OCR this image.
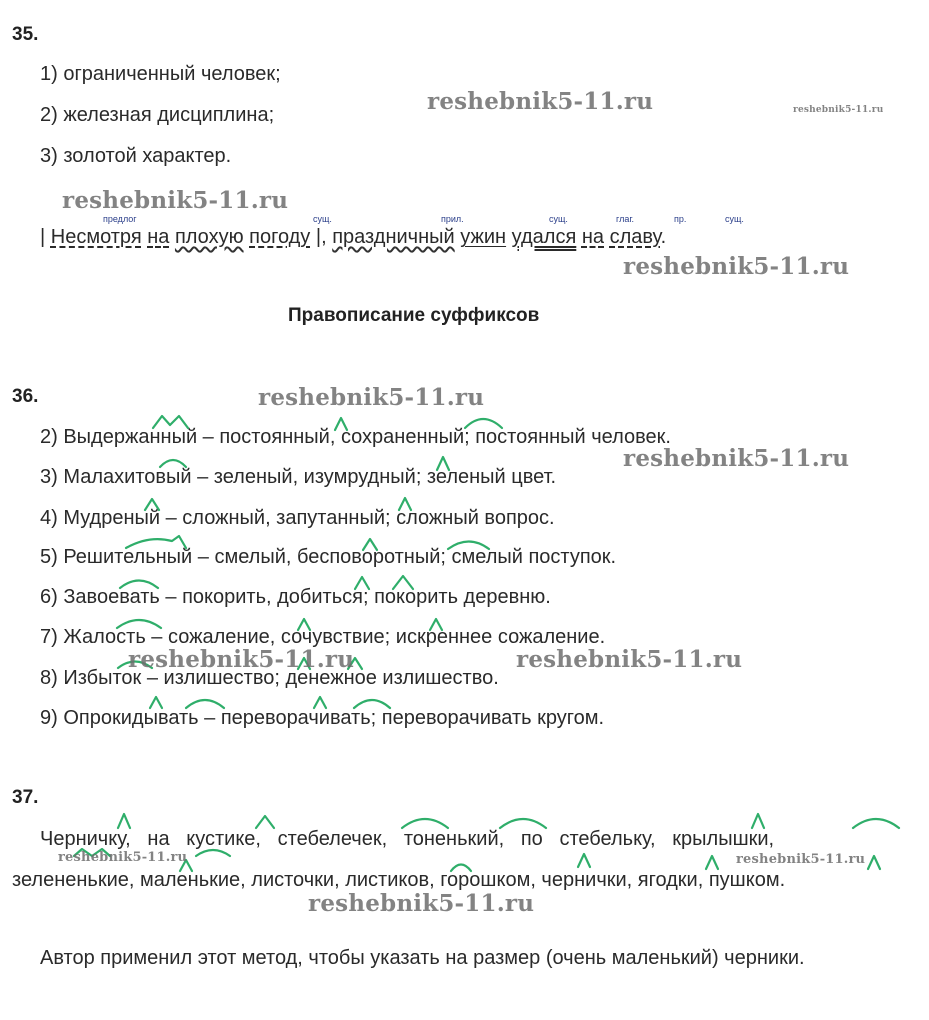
35.
1) ограниченный человек;
2) железная дисциплина;
3) золотой характер.
предлог	сущ.	прил.	сущ.	глаг.	пр.	сущ.
| Несмотря на плохую погоду |, праздничный ужин удался на славу.
Правописание суффиксов
36.
2) Выдержанный – постоянный, сохраненный; постоянный человек.
3) Малахитовый – зеленый, изумрудный; зеленый цвет.
4) Мудреный – сложный, запутанный; сложный вопрос.
5) Решительный – смелый, бесповоротный; смелый поступок.
6) Завоевать – покорить, добиться; покорить деревню.
7) Жалость – сожаление, сочувствие; искреннее сожаление.
8) Избыток – излишество; денежное излишество.
9) Опрокидывать – переворачивать; переворачивать кругом.
37.
Черничку,   на   кустике,   стебелечек,   тоненький,   по   стебельку,   крылышки,
зелененькие, маленькие, листочки, листиков, горошком, чернички, ягодки, пушком.
Автор применил этот метод, чтобы указать на размер (очень маленький) черники.
reshebnik5-11.ru	reshebnik5-11.ru
reshebnik5-11.ru
reshebnik5-11.ru
reshebnik5-11.ru
reshebnik5-11.ru
reshebnik5-11.ru	reshebnik5-11.ru
reshebnik5-11.ru	reshebnik5-11.ru
reshebnik5-11.ru
